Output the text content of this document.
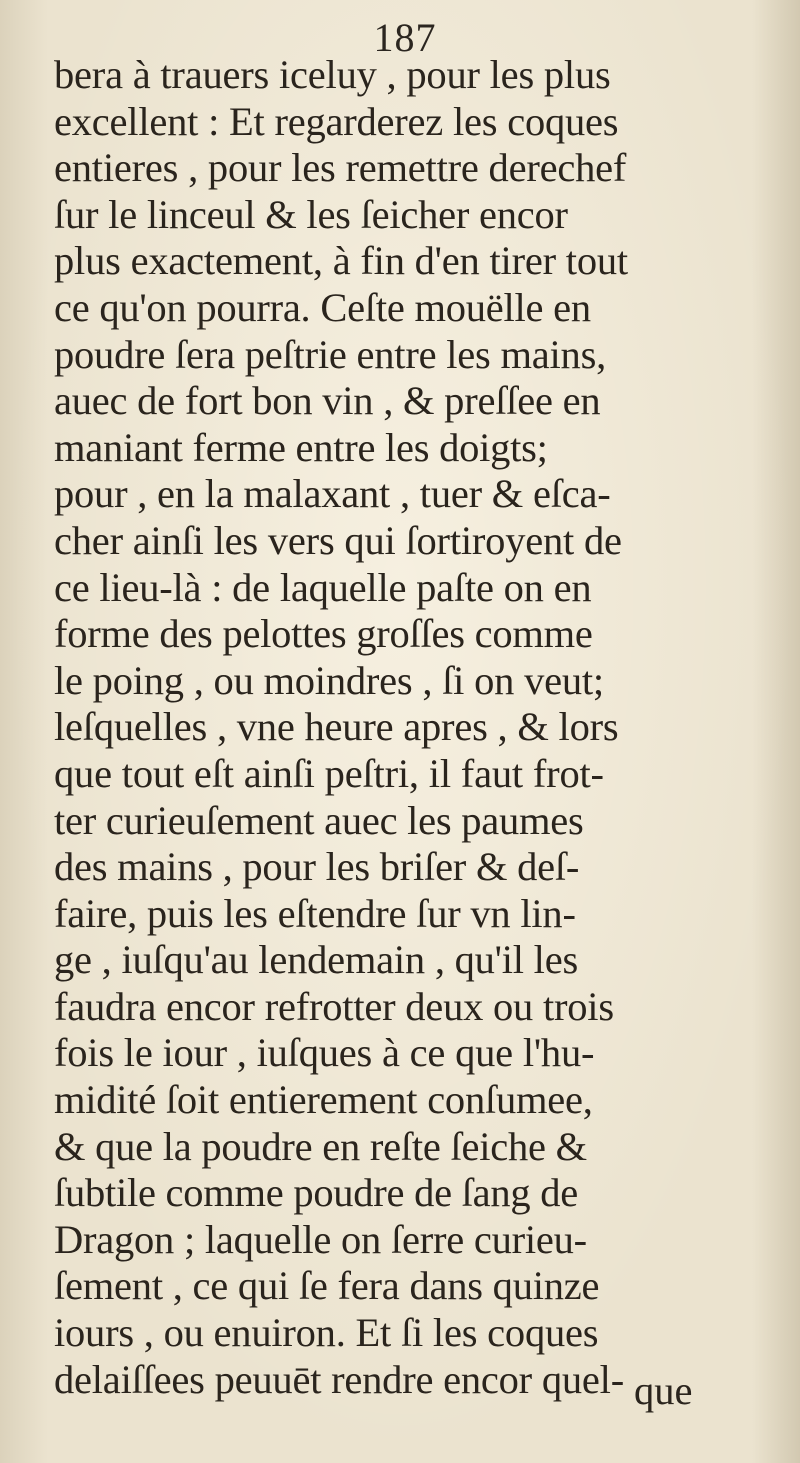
187
bera à trauers iceluy , pour les plus
excellent : Et regarderez les coques
entieres , pour les remettre derechef
ſur le linceul & les ſeicher encor
plus exactement, à fin d'en tirer tout
ce qu'on pourra. Ceſte mouëlle en
poudre ſera peſtrie entre les mains,
auec de fort bon vin , & preſſee en
maniant ferme entre les doigts;
pour , en la malaxant , tuer & eſca-
cher ainſi les vers qui ſortiroyent de
ce lieu-là : de laquelle paſte on en
forme des pelottes groſſes comme
le poing , ou moindres , ſi on veut;
leſquelles , vne heure apres , & lors
que tout eſt ainſi peſtri, il faut frot-
ter curieuſement auec les paumes
des mains , pour les briſer & deſ-
faire, puis les eſtendre ſur vn lin-
ge , iuſqu'au lendemain , qu'il les
faudra encor refrotter deux ou trois
fois le iour , iuſques à ce que l'hu-
midité ſoit entierement conſumee,
& que la poudre en reſte ſeiche &
ſubtile comme poudre de ſang de
Dragon ; laquelle on ſerre curieu-
ſement , ce qui ſe fera dans quinze
iours , ou enuiron. Et ſi les coques
delaiſſees peuuēt rendre encor quel- que
